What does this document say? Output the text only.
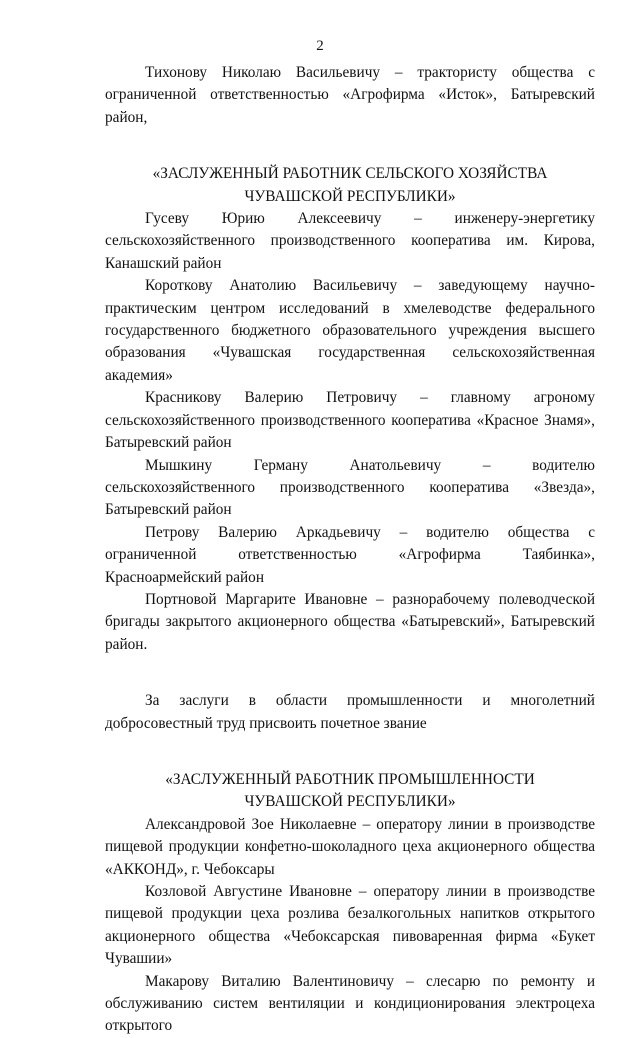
2

Тихонову Николаю Васильевичу – трактористу общества с ограниченной ответственностью «Агрофирма «Исток», Батыревский район,

«ЗАСЛУЖЕННЫЙ РАБОТНИК СЕЛЬСКОГО ХОЗЯЙСТВА

ЧУВАШСКОЙ РЕСПУБЛИКИ»

Гусеву Юрию Алексеевичу – инженеру-энергетику сельскохозяйственного производственного кооператива им. Кирова, Канашский район

Короткову Анатолию Васильевичу – заведующему научно-практическим центром исследований в хмелеводстве федерального государственного бюджетного образовательного учреждения высшего образования «Чувашская государственная сельскохозяйственная академия»

Красникову Валерию Петровичу – главному агроному сельскохозяйственного производственного кооператива «Красное Знамя», Батыревский район

Мышкину Герману Анатольевичу – водителю сельскохозяйственного производственного кооператива «Звезда», Батыревский район

Петрову Валерию Аркадьевичу – водителю общества с ограниченной ответственностью «Агрофирма Таябинка», Красноармейский район

Портновой Маргарите Ивановне – разнорабочему полеводческой бригады закрытого акционерного общества «Батыревский», Батыревский район.

За заслуги в области промышленности и многолетний добросовестный труд присвоить почетное звание

«ЗАСЛУЖЕННЫЙ РАБОТНИК ПРОМЫШЛЕННОСТИ

ЧУВАШСКОЙ РЕСПУБЛИКИ»

Александровой Зое Николаевне – оператору линии в производстве пищевой продукции конфетно-шоколадного цеха акционерного общества «АККОНД», г. Чебоксары

Козловой Августине Ивановне – оператору линии в производстве пищевой продукции цеха розлива безалкогольных напитков открытого акционерного общества «Чебоксарская пивоваренная фирма «Букет Чувашии»

Макарову Виталию Валентиновичу – слесарю по ремонту и обслуживанию систем вентиляции и кондиционирования электроцеха открытого
